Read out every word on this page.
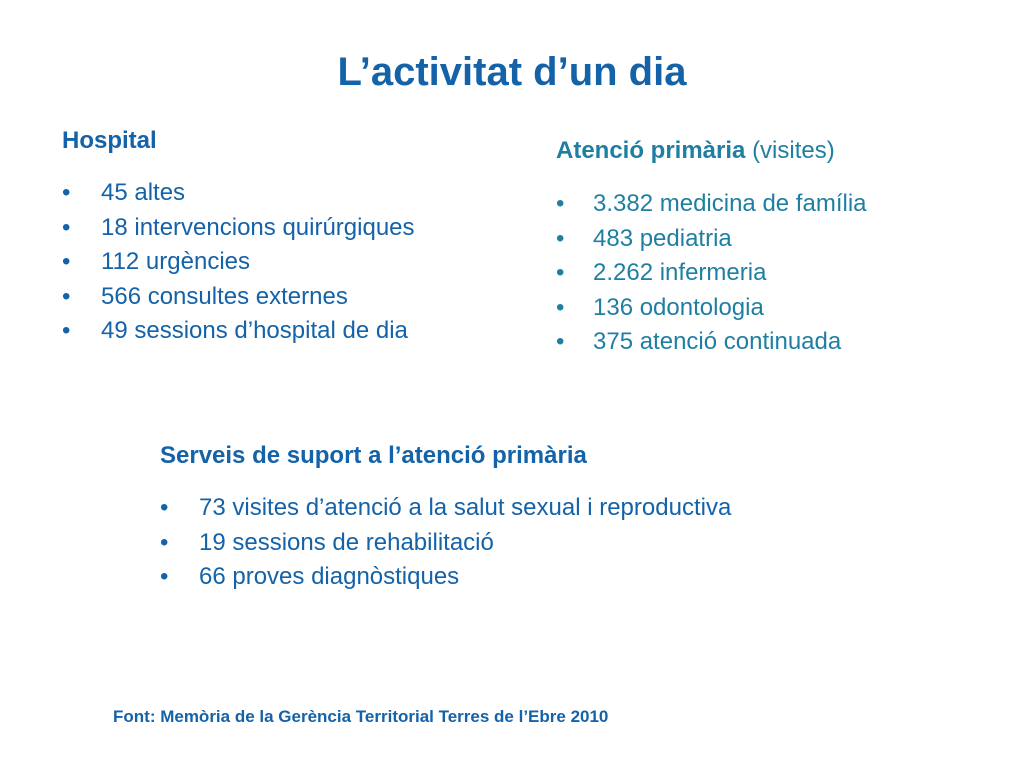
L’activitat d’un dia

Hospital

• 45 altes
• 18 intervencions quirúrgiques
• 112 urgències
• 566 consultes externes
• 49 sessions d’hospital de dia

Atenció primària (visites)

• 3.382 medicina de família
• 483 pediatria
• 2.262 infermeria
• 136 odontologia
• 375 atenció continuada

Serveis de suport a l’atenció primària

• 73 visites d’atenció a la salut sexual i reproductiva
• 19 sessions de rehabilitació
• 66 proves diagnòstiques
Font: Memòria de la Gerència Territorial Terres de l’Ebre 2010
